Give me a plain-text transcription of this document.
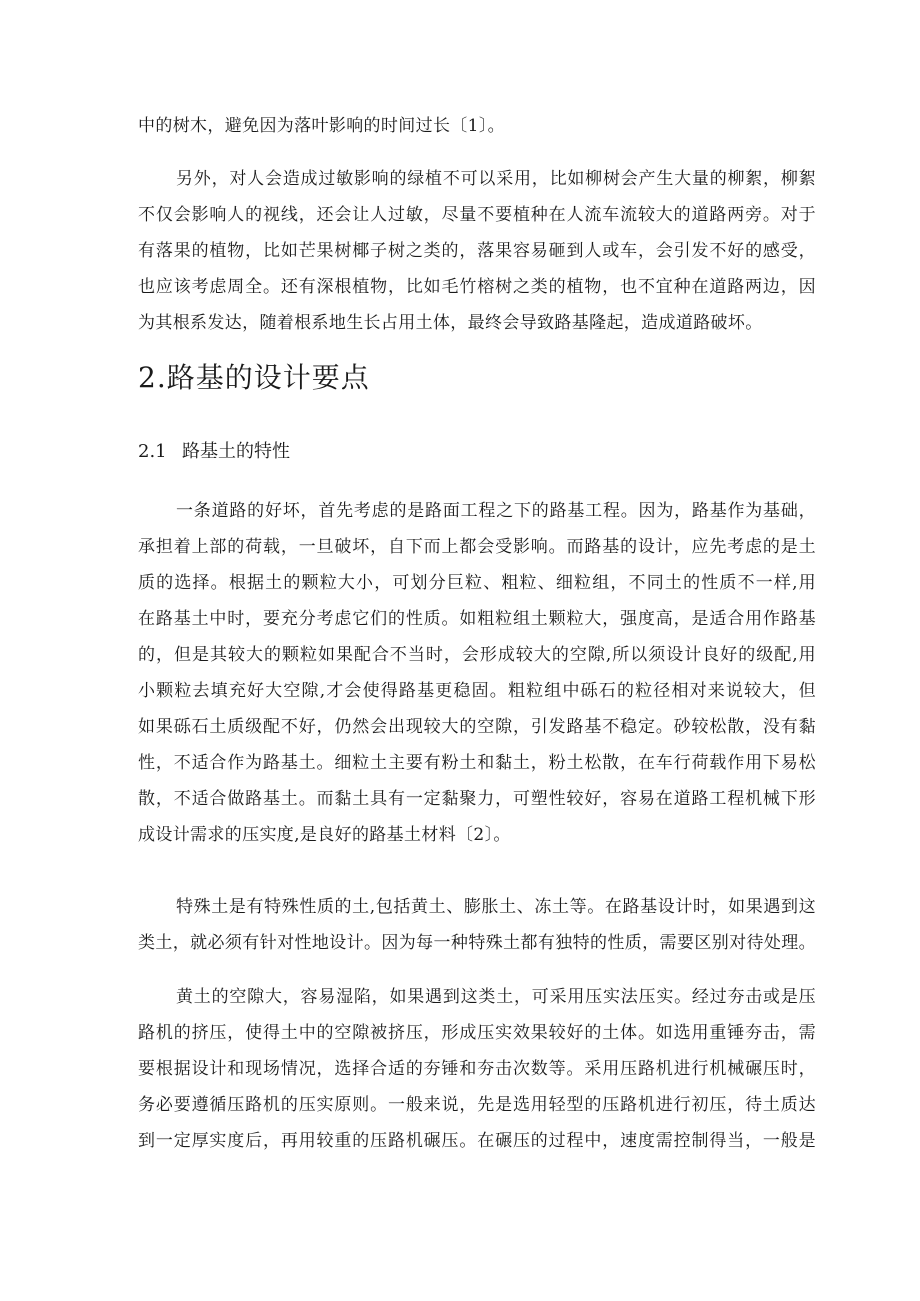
中的树木，避免因为落叶影响的时间过长〔1〕。
另外，对人会造成过敏影响的绿植不可以采用，比如柳树会产生大量的柳絮，柳絮
不仅会影响人的视线，还会让人过敏，尽量不要植种在人流车流较大的道路两旁。对于
有落果的植物，比如芒果树椰子树之类的，落果容易砸到人或车，会引发不好的感受，
也应该考虑周全。还有深根植物，比如毛竹榕树之类的植物，也不宜种在道路两边，因
为其根系发达，随着根系地生长占用土体，最终会导致路基隆起，造成道路破坏。
2.路基的设计要点
2.1 路基土的特性
一条道路的好坏，首先考虑的是路面工程之下的路基工程。因为，路基作为基础，
承担着上部的荷载，一旦破坏，自下而上都会受影响。而路基的设计，应先考虑的是土
质的选择。根据土的颗粒大小，可划分巨粒、粗粒、细粒组，不同土的性质不一样,用
在路基土中时，要充分考虑它们的性质。如粗粒组土颗粒大，强度高，是适合用作路基
的，但是其较大的颗粒如果配合不当时，会形成较大的空隙,所以须设计良好的级配,用
小颗粒去填充好大空隙,才会使得路基更稳固。粗粒组中砾石的粒径相对来说较大，但
如果砾石土质级配不好，仍然会出现较大的空隙，引发路基不稳定。砂较松散，没有黏
性，不适合作为路基土。细粒土主要有粉土和黏土，粉土松散，在车行荷载作用下易松
散，不适合做路基土。而黏土具有一定黏聚力，可塑性较好，容易在道路工程机械下形
成设计需求的压实度,是良好的路基土材料〔2〕。
特殊土是有特殊性质的土,包括黄土、膨胀土、冻土等。在路基设计时，如果遇到这
类土，就必须有针对性地设计。因为每一种特殊土都有独特的性质，需要区别对待处理。
黄土的空隙大，容易湿陷，如果遇到这类土，可采用压实法压实。经过夯击或是压
路机的挤压，使得土中的空隙被挤压，形成压实效果较好的土体。如选用重锤夯击，需
要根据设计和现场情况，选择合适的夯锤和夯击次数等。采用压路机进行机械碾压时，
务必要遵循压路机的压实原则。一般来说，先是选用轻型的压路机进行初压，待土质达
到一定厚实度后，再用较重的压路机碾压。在碾压的过程中，速度需控制得当，一般是
